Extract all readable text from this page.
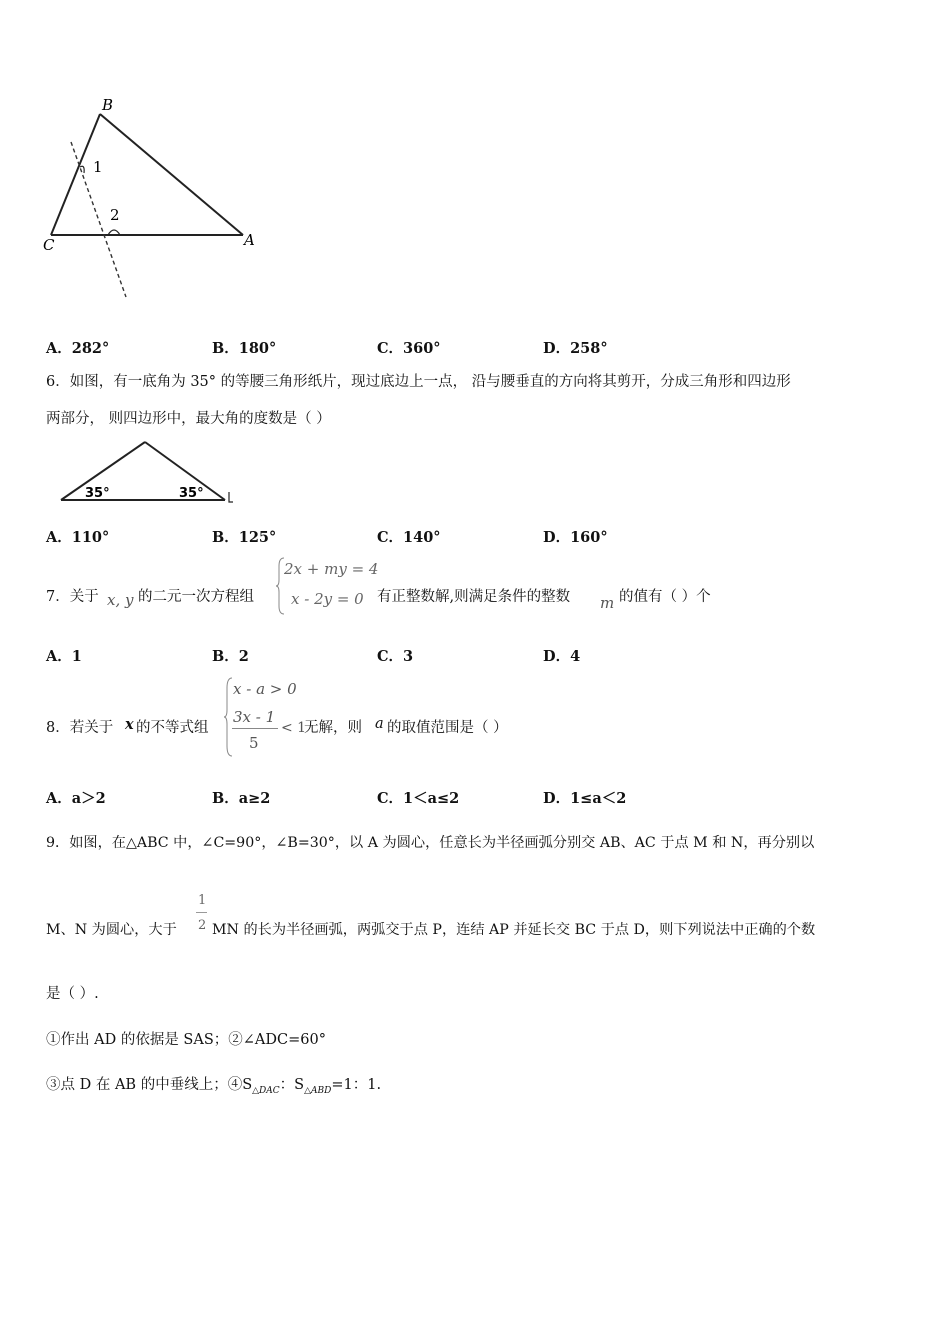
B
C	A
1
2
A．282°	B．180°	C．360°	D．258°
6．如图，有一底角为 35° 的等腰三角形纸片，现过底边上一点， 沿与腰垂直的方向将其剪开，分成三角形和四边形
两部分， 则四边形中，最大角的度数是（ ）
35°	35°
A．110°	B．125°	C．140°	D．160°
7．关于 x, y 的二元一次方程组
2x + my = 4
x - 2y = 0 有正整数解,则满足条件的整数 m 的值有（ ）个
A．1	B．2	C．3	D．4
8．若关于 x 的不等式组
x - a > 0
3x - 1
5
< 1
无解，则 a 的取值范围是（ ）
A．a＞2	B．a≥2	C．1＜a≤2	D．1≤a＜2
9．如图，在△ABC 中，∠C=90°，∠B=30°，以 A 为圆心，任意长为半径画弧分别交 AB、AC 于点 M 和 N，再分别以
M、N 为圆心，大于
1
2 MN 的长为半径画弧，两弧交于点 P，连结 AP 并延长交 BC 于点 D，则下列说法中正确的个数
是（ ）.
①作出 AD 的依据是 SAS；②∠ADC=60°
③点 D 在 AB 的中垂线上；$④S_{\triangle DAC}$：$S_{\triangle ABD}=1$：1.
